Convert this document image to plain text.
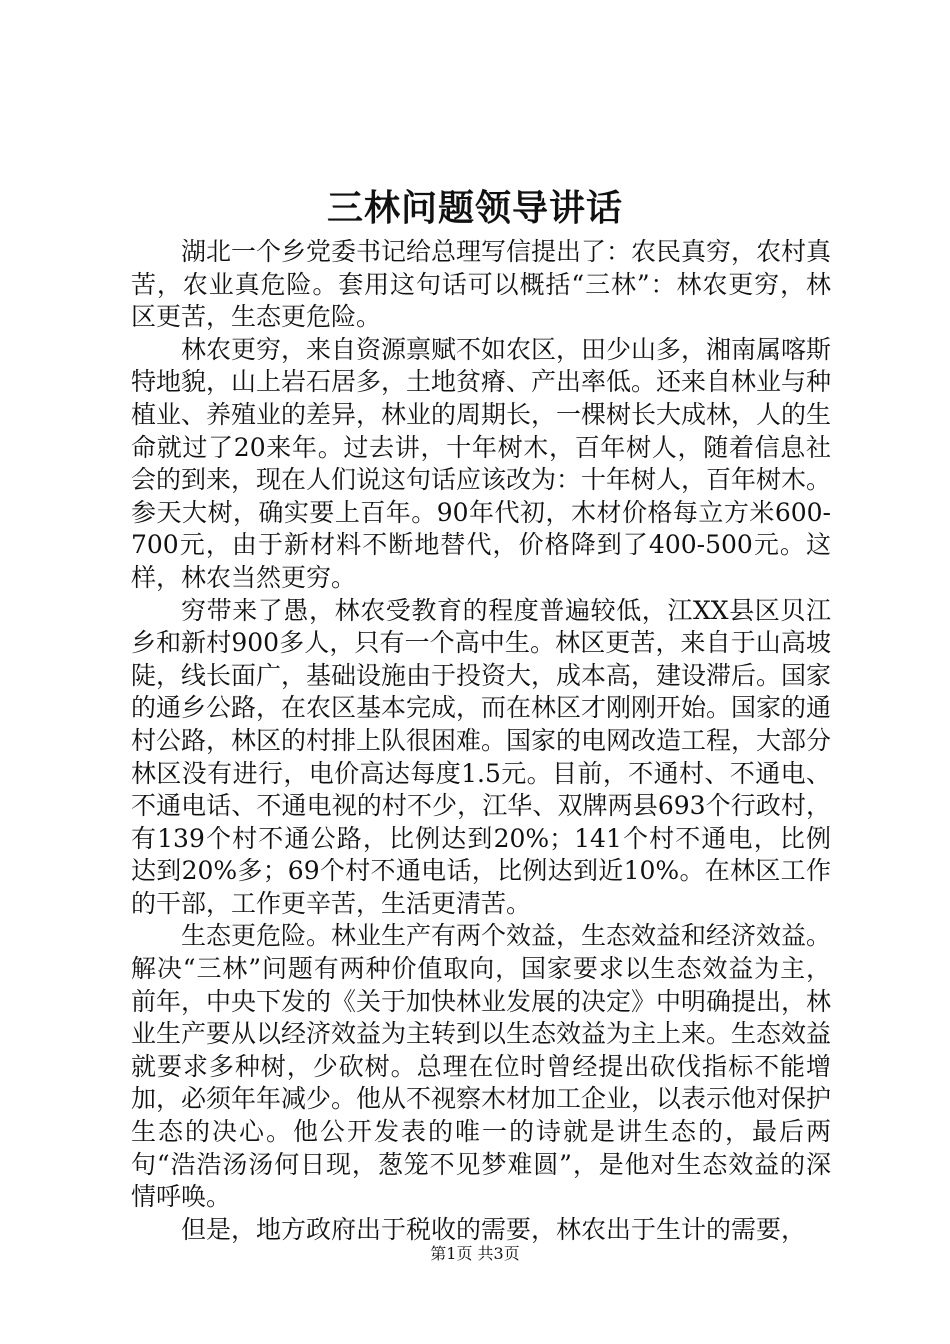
三林问题领导讲话

湖北一个乡党委书记给总理写信提出了：农民真穷，农村真苦，农业真危险。套用这句话可以概括“三林”：林农更穷，林区更苦，生态更危险。

林农更穷，来自资源禀赋不如农区，田少山多，湘南属喀斯特地貌，山上岩石居多，土地贫瘠、产出率低。还来自林业与种植业、养殖业的差异，林业的周期长，一棵树长大成林，人的生命就过了20来年。过去讲，十年树木，百年树人，随着信息社会的到来，现在人们说这句话应该改为：十年树人，百年树木。参天大树，确实要上百年。90年代初，木材价格每立方米600-700元，由于新材料不断地替代，价格降到了400-500元。这样，林农当然更穷。

穷带来了愚，林农受教育的程度普遍较低，江XX县区贝江乡和新村900多人，只有一个高中生。林区更苦，来自于山高坡陡，线长面广，基础设施由于投资大，成本高，建设滞后。国家的通乡公路，在农区基本完成，而在林区才刚刚开始。国家的通村公路，林区的村排上队很困难。国家的电网改造工程，大部分林区没有进行，电价高达每度1.5元。目前，不通村、不通电、不通电话、不通电视的村不少，江华、双牌两县693个行政村，有139个村不通公路，比例达到20%；141个村不通电，比例达到20%多；69个村不通电话，比例达到近10%。在林区工作的干部，工作更辛苦，生活更清苦。

生态更危险。林业生产有两个效益，生态效益和经济效益。解决“三林”问题有两种价值取向，国家要求以生态效益为主，前年，中央下发的《关于加快林业发展的决定》中明确提出，林业生产要从以经济效益为主转到以生态效益为主上来。生态效益就要求多种树，少砍树。总理在位时曾经提出砍伐指标不能增加，必须年年减少。他从不视察木材加工企业，以表示他对保护生态的决心。他公开发表的唯一的诗就是讲生态的，最后两句“浩浩汤汤何日现，葱笼不见梦难圆”，是他对生态效益的深情呼唤。

但是，地方政府出于税收的需要，林农出于生计的需要，

第1页 共3页
